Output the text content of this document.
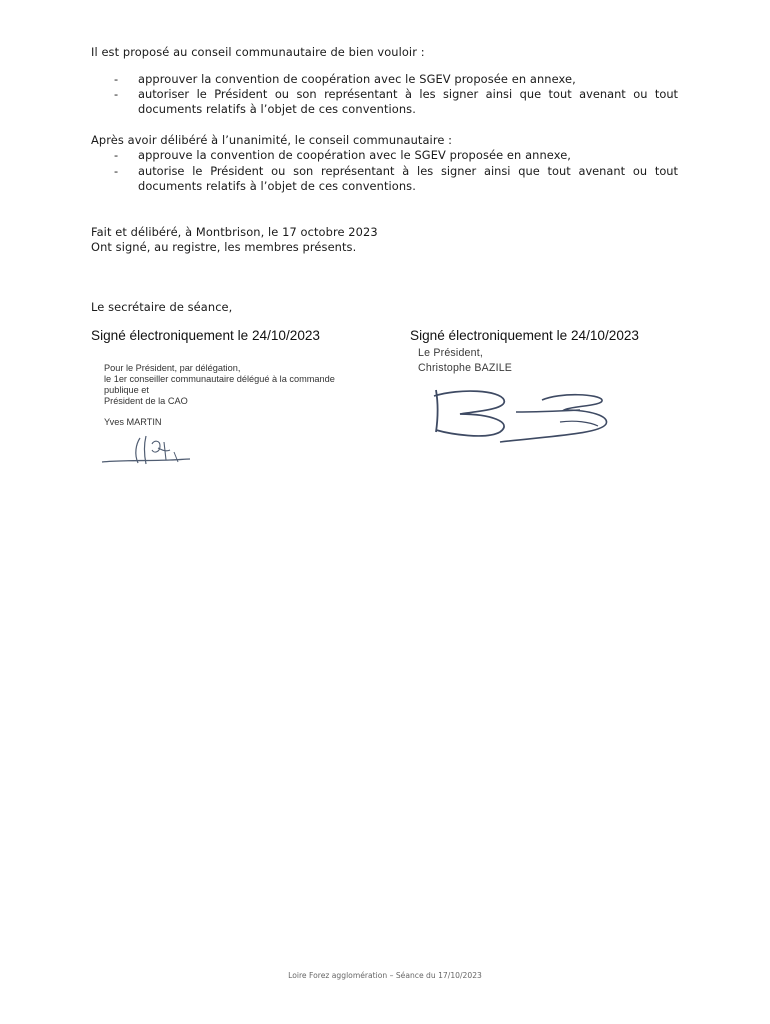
Il est proposé au conseil communautaire de bien vouloir :
- approuver la convention de coopération avec le SGEV proposée en annexe,
- autoriser le Président ou son représentant à les signer ainsi que tout avenant ou tout
documents relatifs à l’objet de ces conventions.
Après avoir délibéré à l’unanimité, le conseil communautaire :
- approuve la convention de coopération avec le SGEV proposée en annexe,
- autorise le Président ou son représentant à les signer ainsi que tout avenant ou tout
documents relatifs à l’objet de ces conventions.
Fait et délibéré, à Montbrison, le 17 octobre 2023
Ont signé, au registre, les membres présents.
Le secrétaire de séance,
Signé électroniquement le 24/10/2023
Pour le Président, par délégation,
le 1er conseiller communautaire délégué à la commande
publique et
Président de la CAO
Yves MARTIN
Signé électroniquement le 24/10/2023
Le Président,
Christophe BAZILE
Loire Forez agglomération – Séance du 17/10/2023
